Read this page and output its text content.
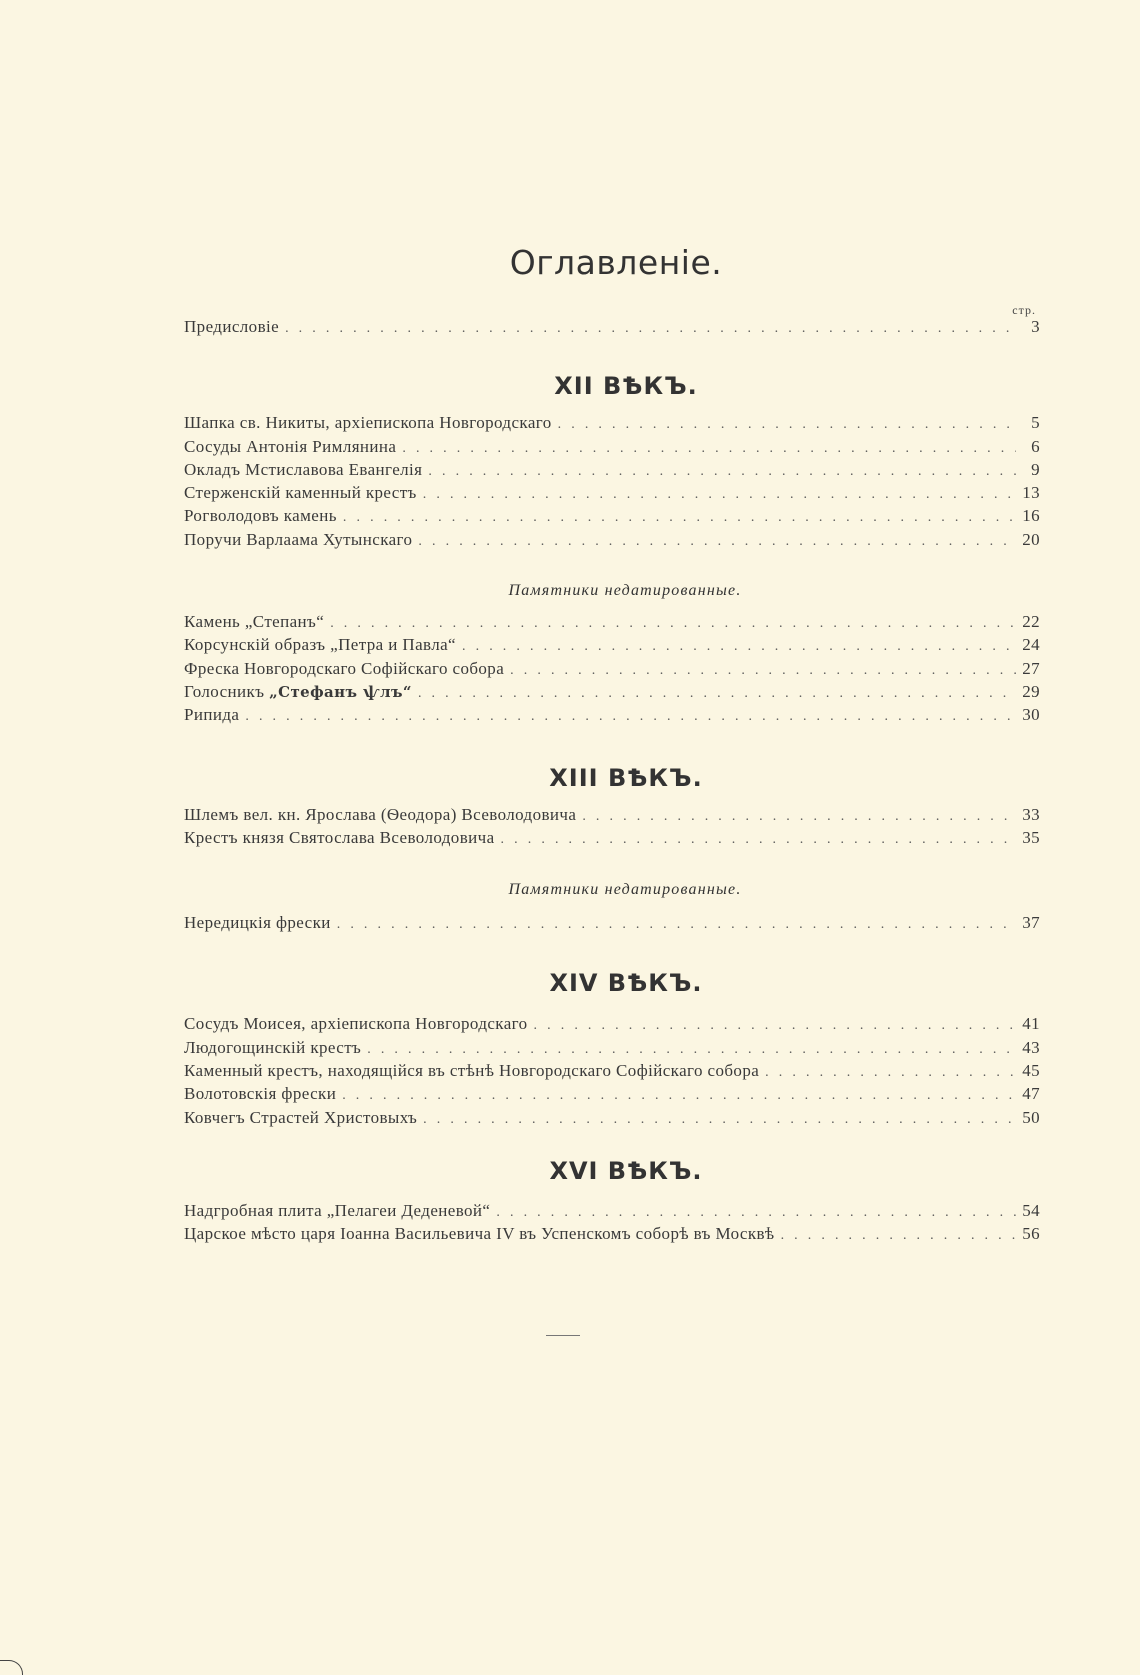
Оглавленіе.
стр.
Предисловіе . . .	3
XII ВѢКЪ.
Шапка св. Никиты, архіепископа Новгородскаго . . .	5
Сосуды Антонія Римлянина . . .	6
Окладъ Мстиславова Евангелія . . .	9
Стерженскій каменный крестъ . . .	13
Рогволодовъ камень . . .	16
Поручи Варлаама Хутынскаго . . .	20
Памятники недатированные.
Камень „Степанъ“ . . .	22
Корсунскій образъ „Петра и Павла“ . . .	24
Фреска Новгородскаго Софійскаго собора . . .	27
Голосникъ „Стефанъ ѱлъ“ . . .	29
Рипида . . .	30
XIII ВѢКЪ.
Шлемъ вел. кн. Ярослава (Ѳеодора) Всеволодовича . . .	33
Крестъ князя Святослава Всеволодовича . . .	35
Памятники недатированные.
Нередицкія фрески . . .	37
XIV ВѢКЪ.
Сосудъ Моисея, архіепископа Новгородскаго . . .	41
Людогощинскій крестъ . . .	43
Каменный крестъ, находящійся въ стѣнѣ Новгородскаго Софійскаго собора . . .	45
Волотовскія фрески . . .	47
Ковчегъ Страстей Христовыхъ . . .	50
XVI ВѢКЪ.
Надгробная плита „Пелагеи Деденевой“ . . .	54
Царское мѣсто царя Іоанна Васильевича IV въ Успенскомъ соборѣ въ Москвѣ . . .	56
